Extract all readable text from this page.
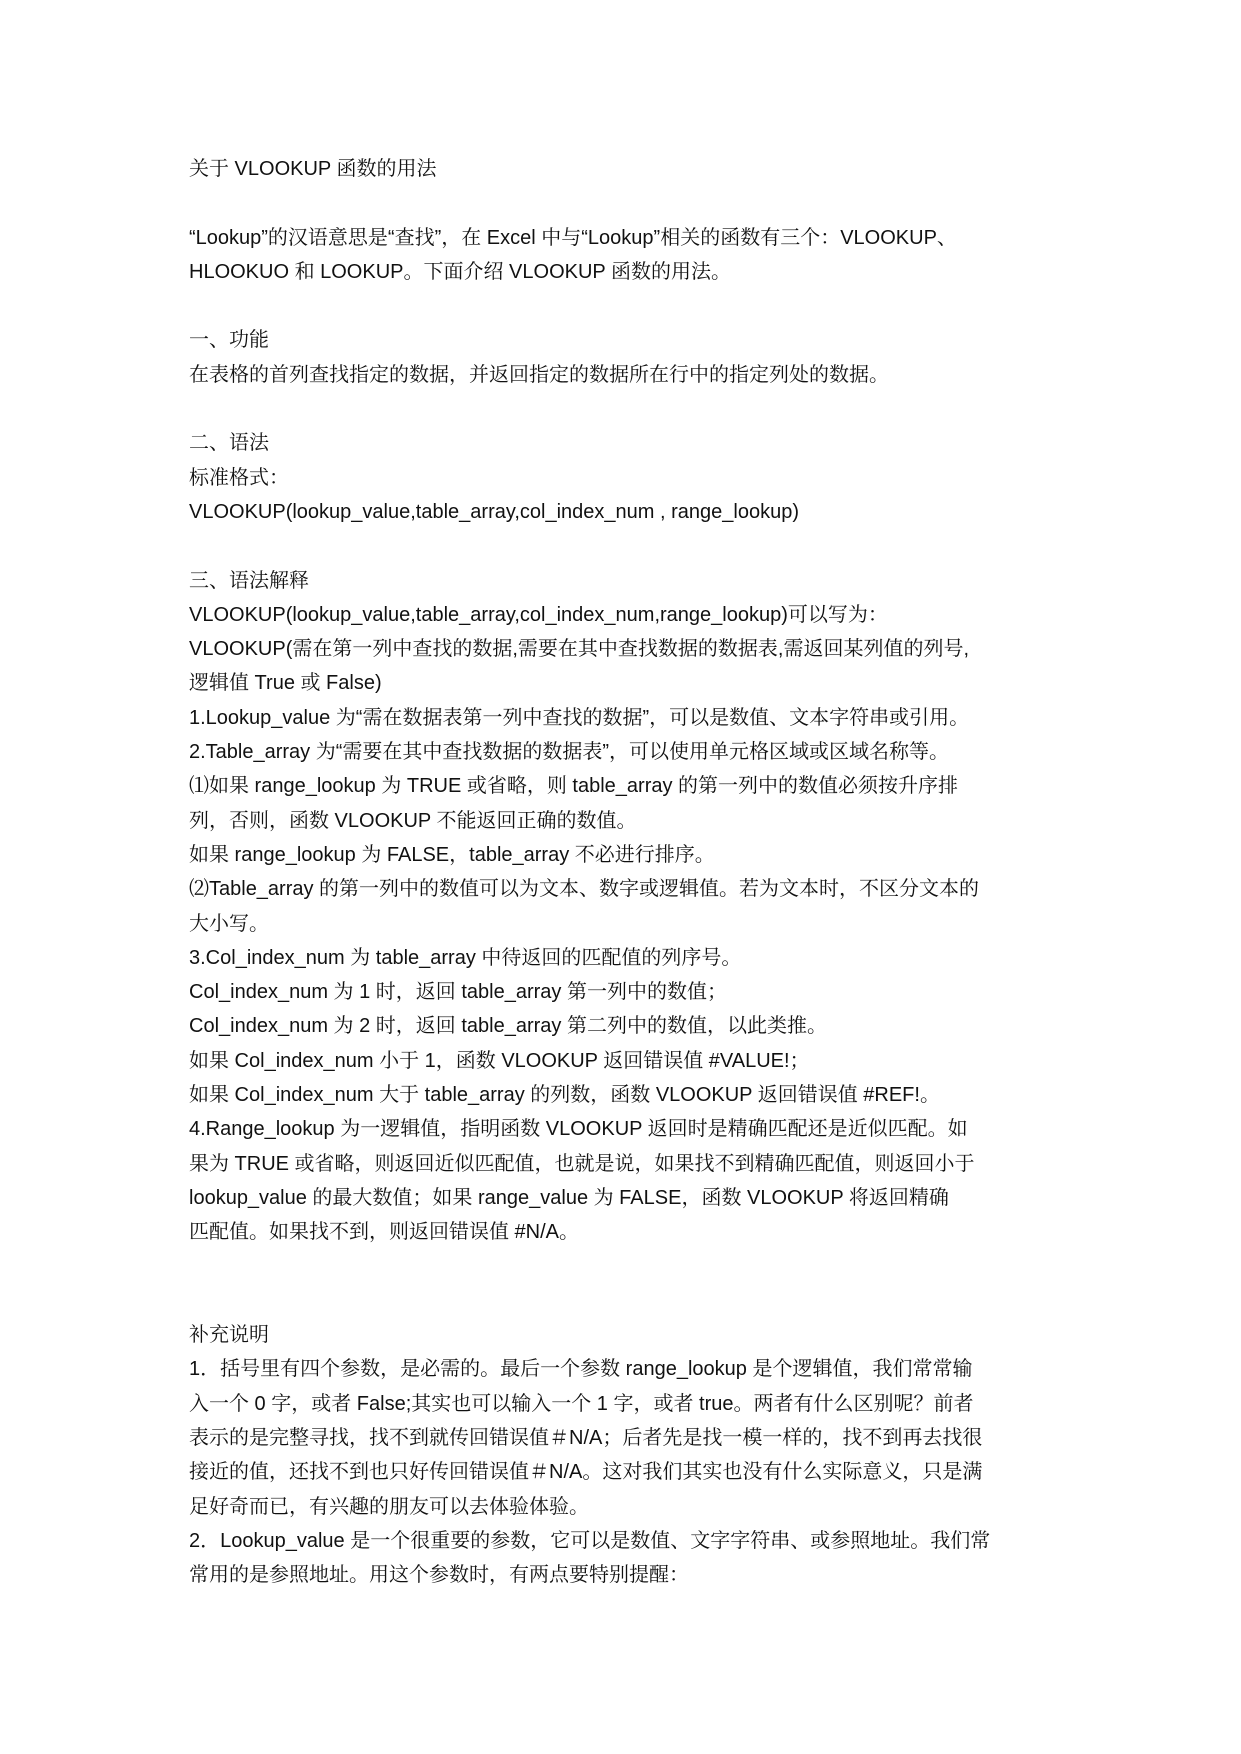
关于 VLOOKUP 函数的用法
“Lookup”的汉语意思是“查找”，在 Excel 中与“Lookup”相关的函数有三个：VLOOKUP、
HLOOKUO 和 LOOKUP。下面介绍 VLOOKUP 函数的用法。
一、功能
在表格的首列查找指定的数据，并返回指定的数据所在行中的指定列处的数据。
二、语法
标准格式：
VLOOKUP(lookup_value,table_array,col_index_num , range_lookup)
三、语法解释
VLOOKUP(lookup_value,table_array,col_index_num,range_lookup)可以写为：
VLOOKUP(需在第一列中查找的数据,需要在其中查找数据的数据表,需返回某列值的列号,
逻辑值 True 或 False)
1.Lookup_value 为“需在数据表第一列中查找的数据”，可以是数值、文本字符串或引用。
2.Table_array 为“需要在其中查找数据的数据表”，可以使用单元格区域或区域名称等。
⑴如果 range_lookup 为 TRUE 或省略，则 table_array 的第一列中的数值必须按升序排
列，否则，函数 VLOOKUP 不能返回正确的数值。
如果 range_lookup 为 FALSE，table_array 不必进行排序。
⑵Table_array 的第一列中的数值可以为文本、数字或逻辑值。若为文本时，不区分文本的
大小写。
3.Col_index_num 为 table_array 中待返回的匹配值的列序号。
Col_index_num 为 1 时，返回 table_array 第一列中的数值；
Col_index_num 为 2 时，返回 table_array 第二列中的数值，以此类推。
如果 Col_index_num 小于 1，函数 VLOOKUP 返回错误值 #VALUE!；
如果 Col_index_num 大于 table_array 的列数，函数 VLOOKUP 返回错误值 #REF!。
4.Range_lookup 为一逻辑值，指明函数 VLOOKUP 返回时是精确匹配还是近似匹配。如
果为 TRUE 或省略，则返回近似匹配值，也就是说，如果找不到精确匹配值，则返回小于
lookup_value 的最大数值；如果 range_value 为 FALSE，函数 VLOOKUP 将返回精确
匹配值。如果找不到，则返回错误值 #N/A。
补充说明
1．括号里有四个参数，是必需的。最后一个参数 range_lookup 是个逻辑值，我们常常输
入一个 0 字，或者 False;其实也可以输入一个 1 字，或者 true。两者有什么区别呢？前者
表示的是完整寻找，找不到就传回错误值＃N/A；后者先是找一模一样的，找不到再去找很
接近的值，还找不到也只好传回错误值＃N/A。这对我们其实也没有什么实际意义，只是满
足好奇而已，有兴趣的朋友可以去体验体验。
2．Lookup_value 是一个很重要的参数，它可以是数值、文字字符串、或参照地址。我们常
常用的是参照地址。用这个参数时，有两点要特别提醒：
